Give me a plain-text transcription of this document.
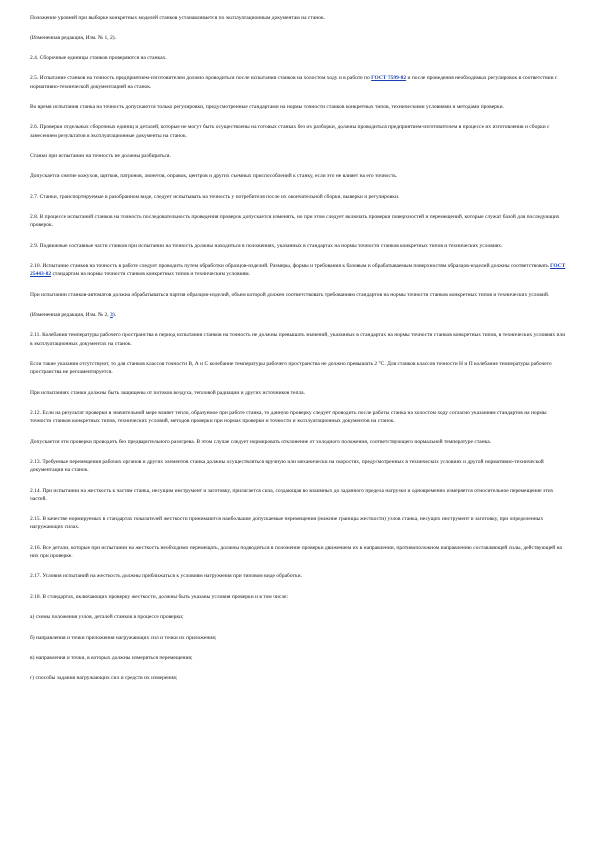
Положение уровней при выборке конкретных моделей станков устанавливается по эксплуатационным документам на станок.

(Измененная редакция, Изм. № 1, 2).

2.4. Сборочные единицы станков проверяются на станках.

2.5. Испытание станков на точность предприятием-изготовителем должно проводиться после испытания станков на холостом ходу и в работе по ГОСТ 7599-82 и после проведения необходимых регулировок в соответствии с нормативно-технической документацией на станок.

Во время испытания станка на точность допускаются только регулировки, предусмотренные стандартами на нормы точности станков конкретных типов, техническими условиями и методами проверки.

2.6. Проверки отдельных сборочных единиц и деталей, которые не могут быть осуществлены на готовых станках без их разборки, должны проводиться предприятием-изготовителем в процессе их изготовления и сборки с занесением результатов в эксплуатационные документы на станок.

Станки при испытании на точность не должны разбираться.

Допускается снятие кожухов, щитков, патронов, люнетов, оправок, центров и других съемных приспособлений к станку, если это не влияет на его точность.

2.7. Станки, транспортируемые в разобранном виде, следует испытывать на точность у потребителя после их окончательной сборки, выверки и регулировки.

2.8. В процессе испытаний станков на точность последовательность проведения проверок допускается изменять, но при этом следует включать проверки поверхностей и перемещений, которые служат базой для последующих проверок.

2.9. Подвижные составные части станков при испытании на точность должны находиться в положениях, указанных в стандартах на нормы точности станков конкретных типов и технических условиях.

2.10. Испытание станков на точность в работе следует проводить путем обработки образцов-изделий. Размеры, формы и требования к базовым и обрабатываемым поверхностям образцов-изделий должны соответствовать ГОСТ 25443-82 стандартам на нормы точности станков конкретных типов и техническим условиям.

При испытании станков-автоматов должна обрабатываться партия образцов-изделий, объем которой должен соответствовать требованиям стандартов на нормы точности станков конкретных типов и технических условий.

(Измененная редакция, Изм. № 2, 3).

2.11. Колебания температуры рабочего пространства в период испытания станков на точность не должны превышать значений, указанных в стандартах на нормы точности станков конкретных типов, в технических условиях или в эксплуатационных документах на станок.

Если такие указания отсутствуют, то для станков классов точности В, А и С колебание температуры рабочего пространства не должно превышать 2 °С. Для станков классов точности Н и П колебание температуры рабочего пространства не регламентируется.

При испытаниях станки должны быть защищены от потоков воздуха, тепловой радиации и других источников тепла.

2.12. Если на результат проверки в значительной мере влияет тепло, образуемое при работе станка, то данную проверку следует проводить после работы станка на холостом ходу согласно указаниям стандартов на нормы точности станков конкретных типов, технических условий, методов проверки при нормах проверки и точности и эксплуатационных документов на станок.

Допускается эти проверки проводить без предварительного разогрева. В этом случае следует нормировать отклонение от холодного положения, соответствующего нормальной температуре станка.

2.13. Требуемые перемещения рабочих органов и других элементов станка должны осуществляться вручную или механически на скоростях, предусмотренных в технических условиях и другой нормативно-технической документации на станок.

2.14. При испытании на жесткость к частям станка, несущим инструмент и заготовку, прилагается сила, создающая во взаимных до заданного предела нагрузки и одновременно измеряется относительное перемещение этих частей.

2.15. В качестве нормируемых в стандартах показателей жесткости принимаются наибольшие допускаемые перемещения (нижние границы жесткости) узлов станка, несущих инструмент и заготовку, при определенных нагружающих силах.

2.16. Все детали, которые при испытании на жесткость необходимо перемещать, должны подводиться в положение проверки движением их в направлении, противоположном направлению составляющей силы, действующей на них при проверке.

2.17. Условия испытаний на жесткость должны приближаться к условиям нагружения при типовом виде обработки.

2.18. В стандартах, включающих проверку жесткости, должны быть указаны условия проверки и в том числе:

а) схемы положения узлов, деталей станков в процессе проверки;

б) направления и точки приложения нагружающих сил и точки их приложения;

в) направления и точки, в которых должны измеряться перемещения;

г) способы задания нагружающих сил и средств их измерения;
